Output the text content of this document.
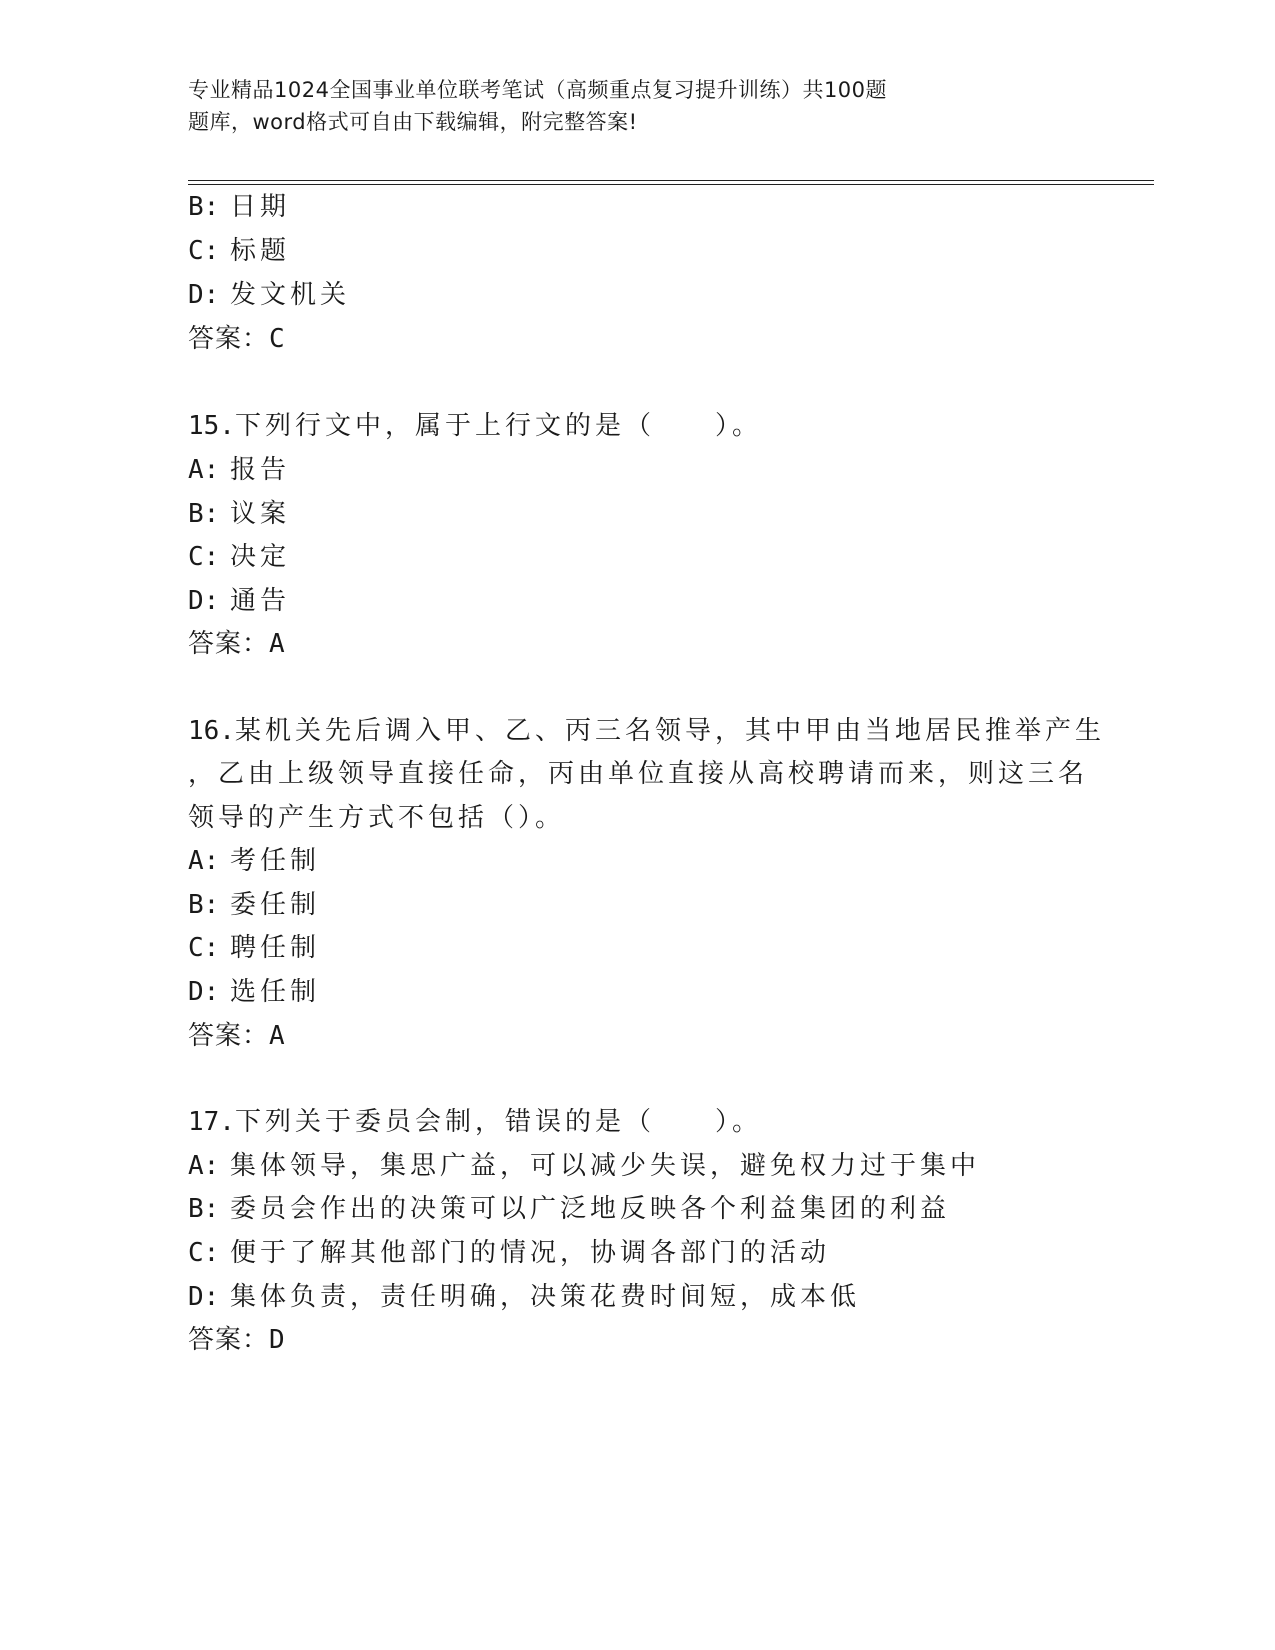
专业精品1024全国事业单位联考笔试（高频重点复习提升训练）共100题
题库，word格式可自由下载编辑，附完整答案!
B: 日期
C: 标题
D: 发文机关
答案：C
15.下列行文中，属于上行文的是（　　）。
A: 报告
B: 议案
C: 决定
D: 通告
答案：A
16.某机关先后调入甲、乙、丙三名领导，其中甲由当地居民推举产生
，乙由上级领导直接任命，丙由单位直接从高校聘请而来，则这三名
领导的产生方式不包括（）。
A: 考任制
B: 委任制
C: 聘任制
D: 选任制
答案：A
17.下列关于委员会制，错误的是（　　）。
A: 集体领导，集思广益，可以减少失误，避免权力过于集中
B: 委员会作出的决策可以广泛地反映各个利益集团的利益
C: 便于了解其他部门的情况，协调各部门的活动
D: 集体负责，责任明确，决策花费时间短，成本低
答案：D
